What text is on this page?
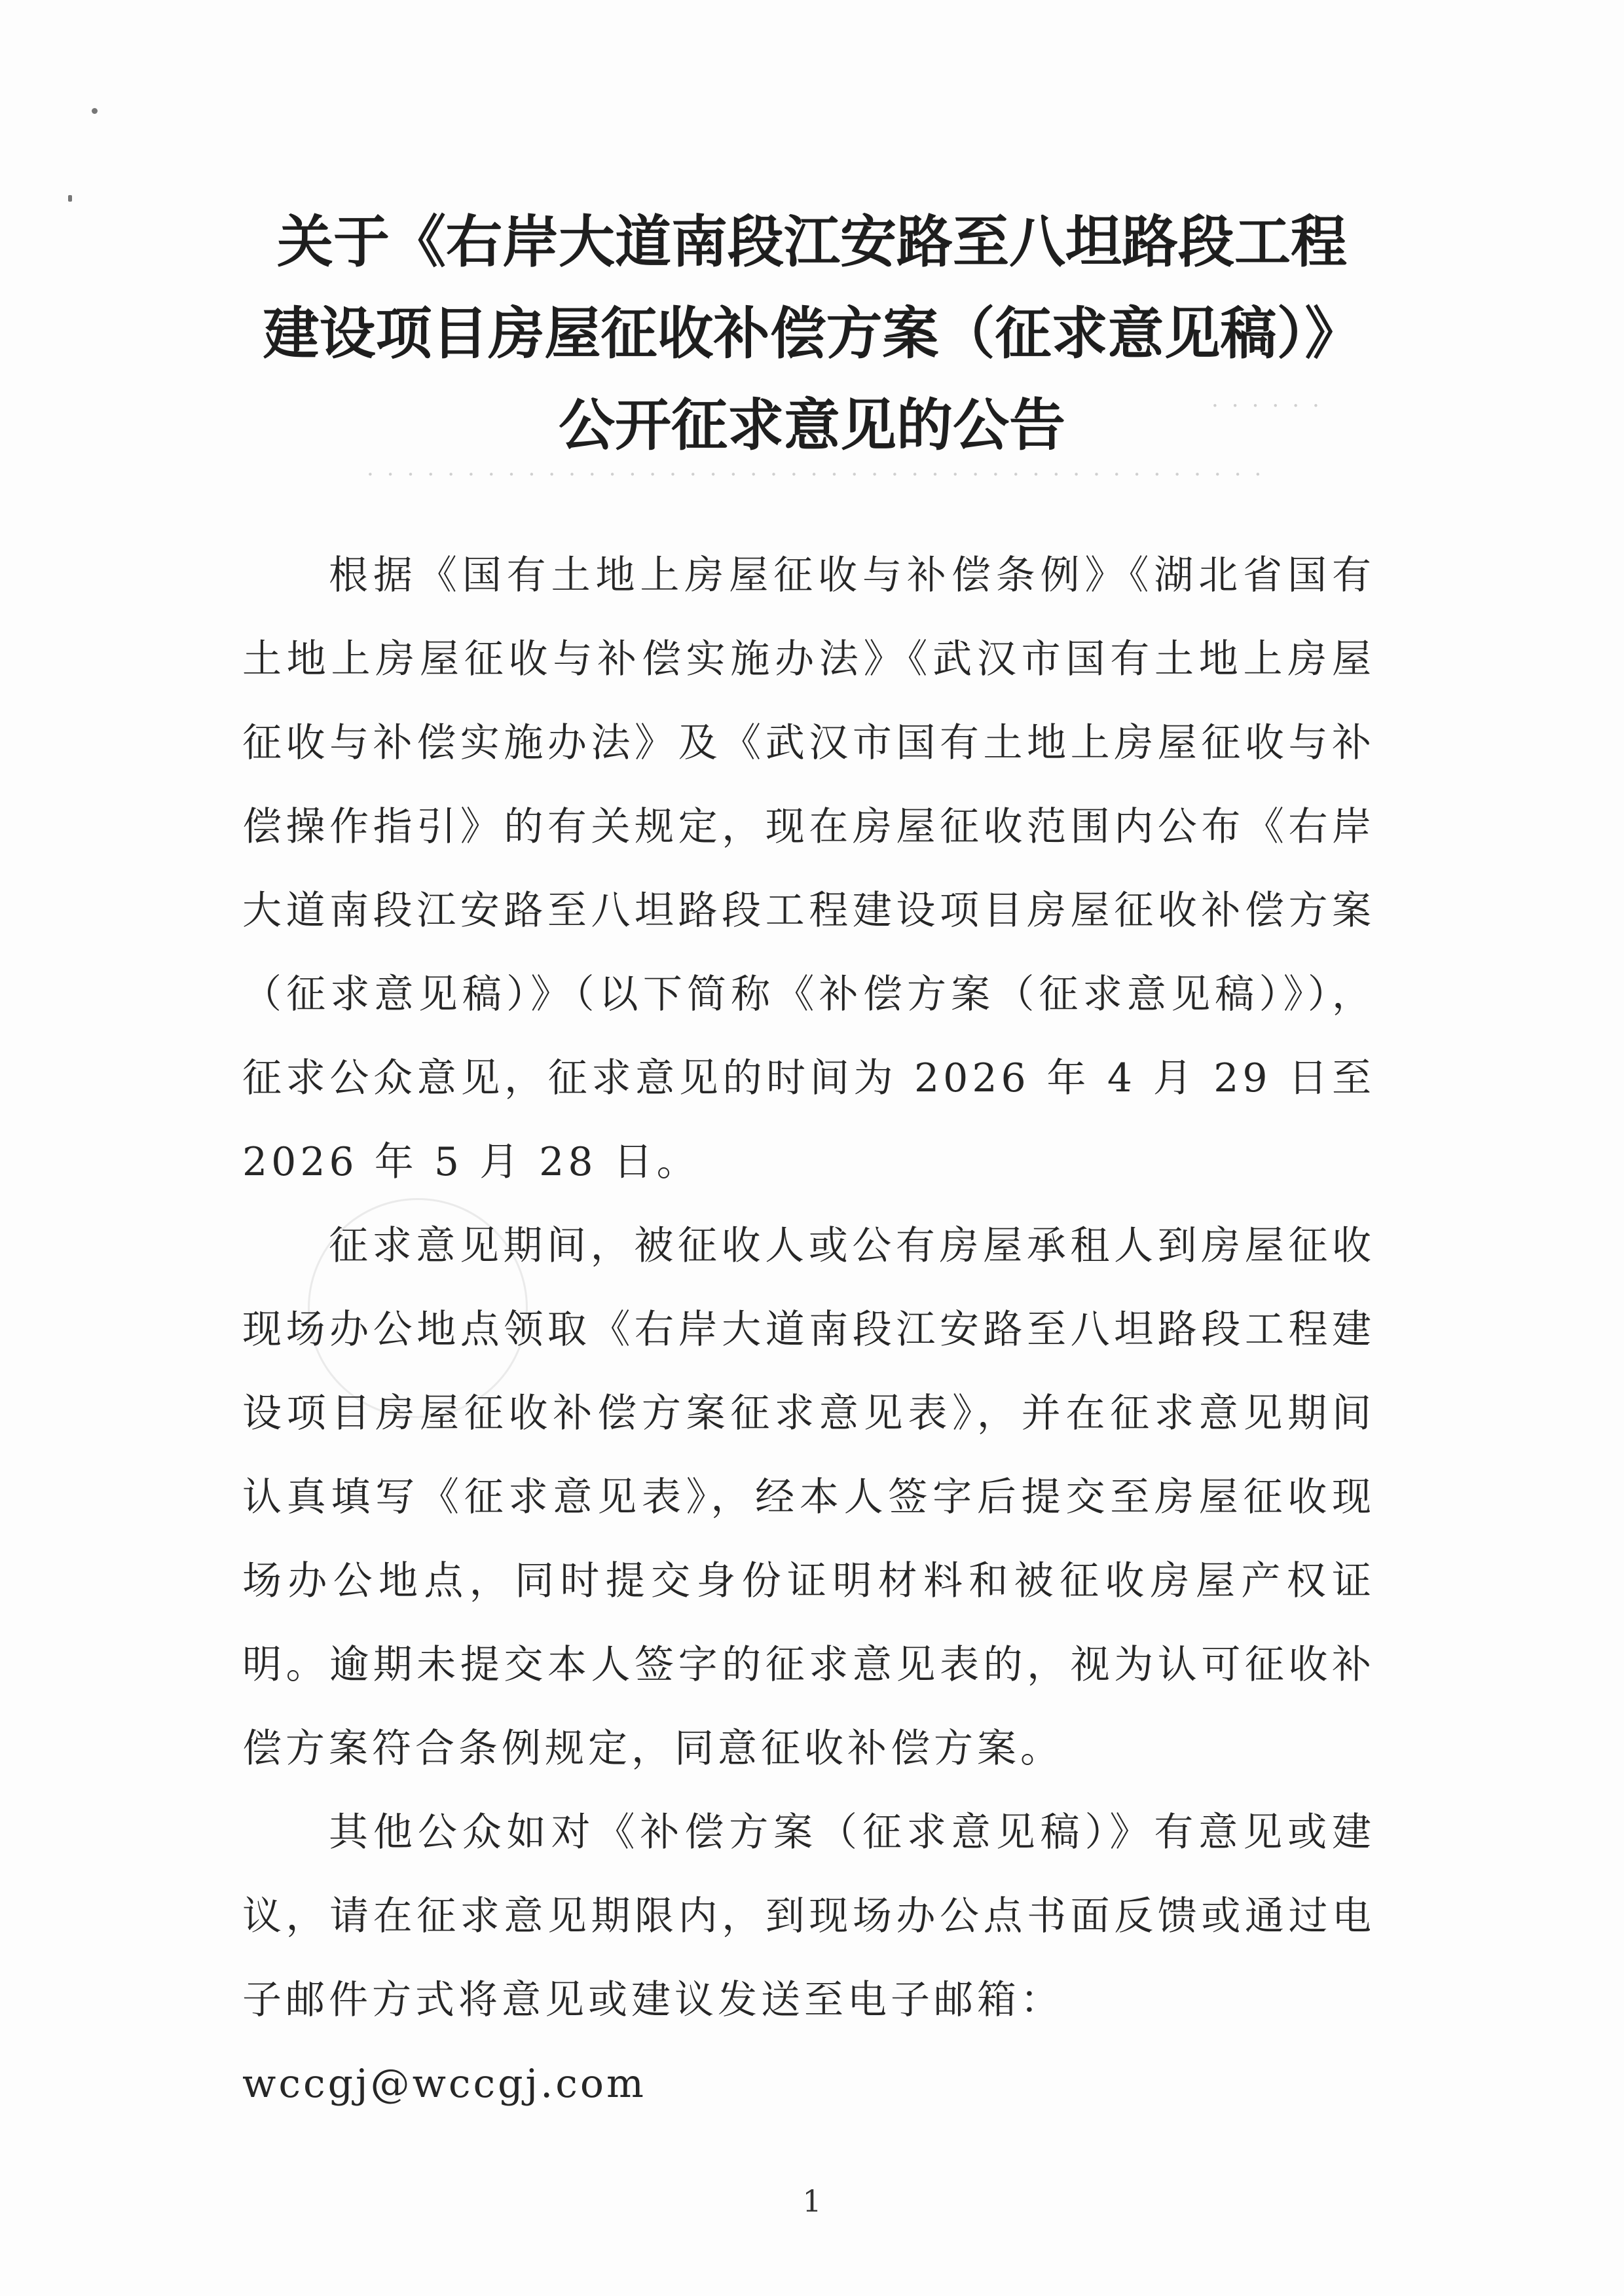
·············································
······
关于《右岸大道南段江安路至八坦路段工程
建设项目房屋征收补偿方案（征求意见稿）》
公开征求意见的公告

根据《国有土地上房屋征收与补偿条例》《湖北省国有土地上房屋征收与补偿实施办法》《武汉市国有土地上房屋征收与补偿实施办法》及《武汉市国有土地上房屋征收与补偿操作指引》的有关规定，现在房屋征收范围内公布《右岸大道南段江安路至八坦路段工程建设项目房屋征收补偿方案（征求意见稿）》（以下简称《补偿方案（征求意见稿）》），征求公众意见，征求意见的时间为 2026 年 4 月 29 日至 2026 年 5 月 28 日。

征求意见期间，被征收人或公有房屋承租人到房屋征收现场办公地点领取《右岸大道南段江安路至八坦路段工程建设项目房屋征收补偿方案征求意见表》，并在征求意见期间认真填写《征求意见表》，经本人签字后提交至房屋征收现场办公地点，同时提交身份证明材料和被征收房屋产权证明。逾期未提交本人签字的征求意见表的，视为认可征收补偿方案符合条例规定，同意征收补偿方案。

其他公众如对《补偿方案（征求意见稿）》有意见或建议，请在征求意见期限内，到现场办公点书面反馈或通过电子邮件方式将意见或建议发送至电子邮箱：

wccgj@wccgj.com
1
